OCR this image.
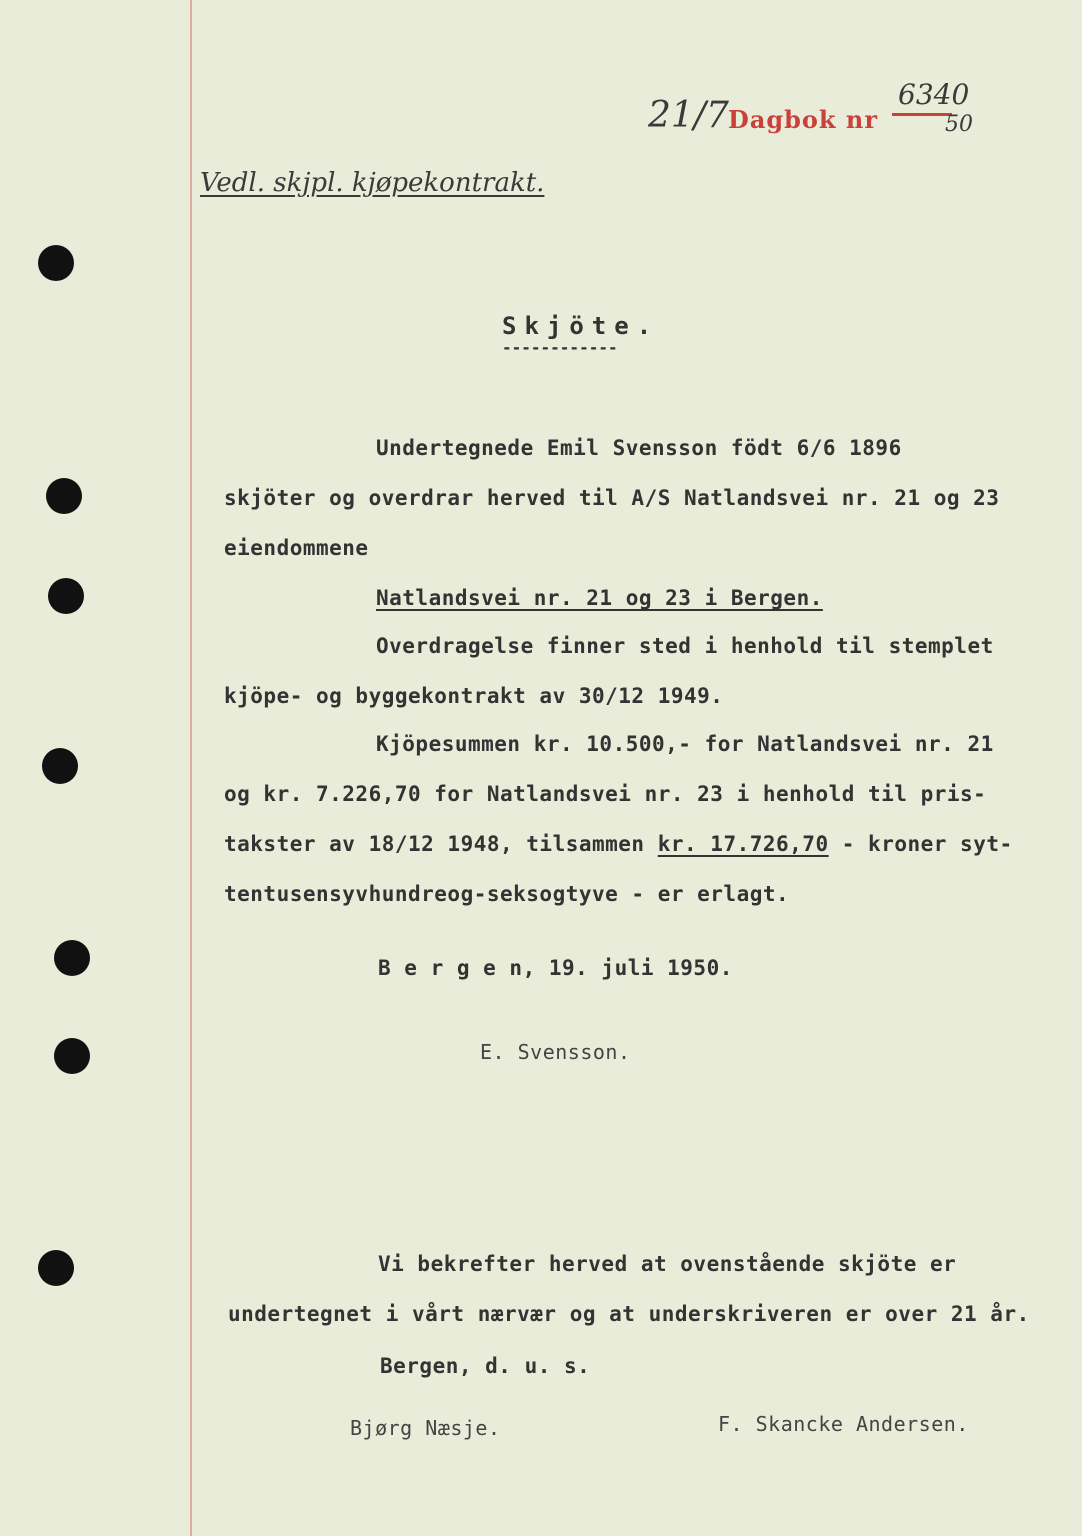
21/7 Dagbok nr
6340
50
Vedl. skjpl. kjøpekontrakt.
Skjöte.
------------
Undertegnede Emil Svensson födt 6/6 1896
skjöter og overdrar herved til A/S Natlandsvei nr. 21 og 23
eiendommene
Natlandsvei nr. 21 og 23 i Bergen.
Overdragelse finner sted i henhold til stemplet
kjöpe- og byggekontrakt av 30/12 1949.
Kjöpesummen kr. 10.500,- for Natlandsvei nr. 21
og kr. 7.226,70 for Natlandsvei nr. 23 i henhold til pris-
takster av 18/12 1948, tilsammen kr. 17.726,70 - kroner syt-
tentusensyvhundreog-seksogtyve - er erlagt.
B e r g e n, 19. juli 1950.
E. Svensson.
Vi bekrefter herved at ovenstående skjöte er
undertegnet i vårt nærvær og at underskriveren er over 21 år.
Bergen, d. u. s.
Bjørg Næsje.	F. Skancke Andersen.
